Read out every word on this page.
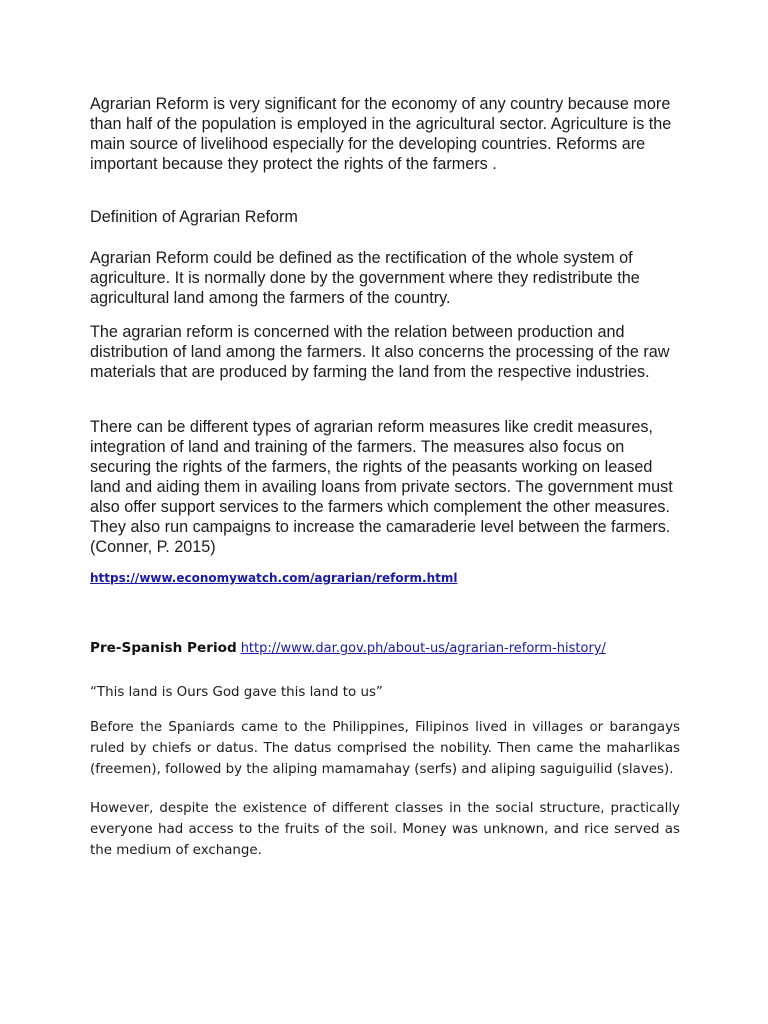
Agrarian Reform is very significant for the economy of any country because more than half of the population is employed in the agricultural sector. Agriculture is the main source of livelihood especially for the developing countries. Reforms are important because they protect the rights of the farmers .

Definition of Agrarian Reform

Agrarian Reform could be defined as the rectification of the whole system of agriculture. It is normally done by the government where they redistribute the agricultural land among the farmers of the country.

The agrarian reform is concerned with the relation between production and distribution of land among the farmers. It also concerns the processing of the raw materials that are produced by farming the land from the respective industries.

There can be different types of agrarian reform measures like credit measures, integration of land and training of the farmers. The measures also focus on securing the rights of the farmers, the rights of the peasants working on leased land and aiding them in availing loans from private sectors. The government must also offer support services to the farmers which complement the other measures. They also run campaigns to increase the camaraderie level between the farmers. (Conner, P. 2015)

https://www.economywatch.com/agrarian/reform.html
Pre-Spanish Period http://www.dar.gov.ph/about-us/agrarian-reform-history/

“This land is Ours God gave this land to us”

Before the Spaniards came to the Philippines, Filipinos lived in villages or barangays ruled by chiefs or datus. The datus comprised the nobility. Then came the maharlikas (freemen), followed by the aliping mamamahay (serfs) and aliping saguiguilid (slaves).

However, despite the existence of different classes in the social structure, practically everyone had access to the fruits of the soil. Money was unknown, and rice served as the medium of exchange.
